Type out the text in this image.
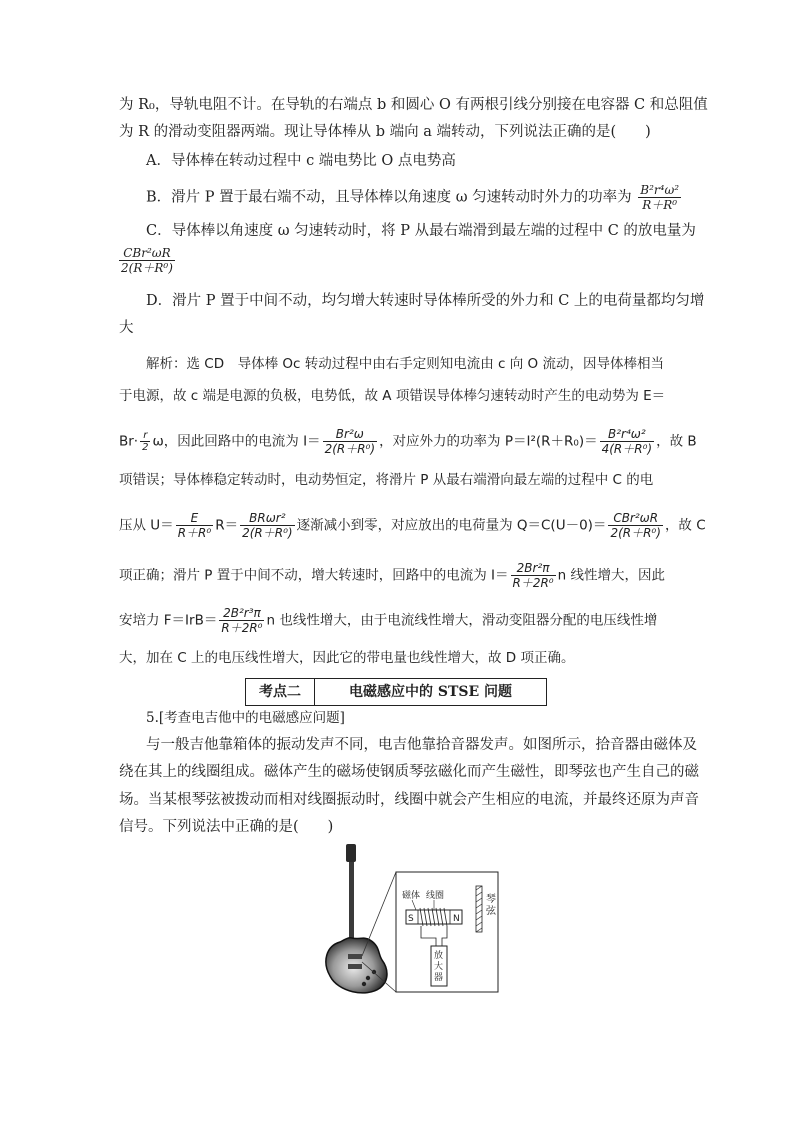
为 R₀，导轨电阻不计。在导轨的右端点 b 和圆心 O 有两根引线分别接在电容器 C 和总阻值
为 R 的滑动变阻器两端。现让导体棒从 b 端向 a 端转动，下列说法正确的是(　　)
A．导体棒在转动过程中 c 端电势比 O 点电势高
B．滑片 P 置于最右端不动，且导体棒以角速度 ω 匀速转动时外力的功率为 $\frac{\text{B²r⁴ω²}}{\text{R＋R⁰}}$
C．导体棒以角速度 ω 匀速转动时，将 P 从最右端滑到最左端的过程中 C 的放电量为
$\frac{\text{CBr²ωR}}{\text{2(R＋R⁰)}}$
D．滑片 P 置于中间不动，均匀增大转速时导体棒所受的外力和 C 上的电荷量都均匀增
大
解析：选 CD　导体棒 Oc 转动过程中由右手定则知电流由 c 向 O 流动，因导体棒相当
于电源，故 c 端是电源的负极，电势低，故 A 项错误导体棒匀速转动时产生的电动势为 E＝
$Br\cdot \frac{r}{2}$ ω，因此回路中的电流为 $I= \frac{\text{Br²ω}}{\text{2(R＋R⁰)}}$ ，对应外力的功率为 $P=I^2(R+R_0)= \frac{\text{B²r⁴ω²}}{\text{4(R＋R⁰)}}$ ，故 B
项错误；导体棒稳定转动时，电动势恒定，将滑片 P 从最右端滑向最左端的过程中 C 的电
压从 $U= \frac{E}{\text{R＋R⁰}} R= \frac{\text{BRωr²}}{\text{2(R＋R⁰)}}$ 逐渐减小到零，对应放出的电荷量为 $Q=C(U-0)= \frac{\text{CBr²ωR}}{\text{2(R＋R⁰)}}$ ，故 C
项正确；滑片 P 置于中间不动，增大转速时，回路中的电流为 $I= \frac{\text{2Br²π}}{\text{R＋2R⁰}}$ n 线性增大，因此
安培力 $F=IrB= \frac{\text{2B²r³π}}{\text{R＋2R⁰}}$ n 也线性增大，由于电流线性增大，滑动变阻器分配的电压线性增
大，加在 C 上的电压线性增大，因此它的带电量也线性增大，故 D 项正确。
考点二	电磁感应中的 STSE 问题
5.[考查电吉他中的电磁感应问题]
与一般吉他靠箱体的振动发声不同，电吉他靠拾音器发声。如图所示，拾音器由磁体及
绕在其上的线圈组成。磁体产生的磁场使钢质琴弦磁化而产生磁性，即琴弦也产生自己的磁
场。当某根琴弦被拨动而相对线圈振动时，线圈中就会产生相应的电流，并最终还原为声音
信号。下列说法中正确的是(　　)
琴弦
磁体 线圈
S	N
放 大 器
